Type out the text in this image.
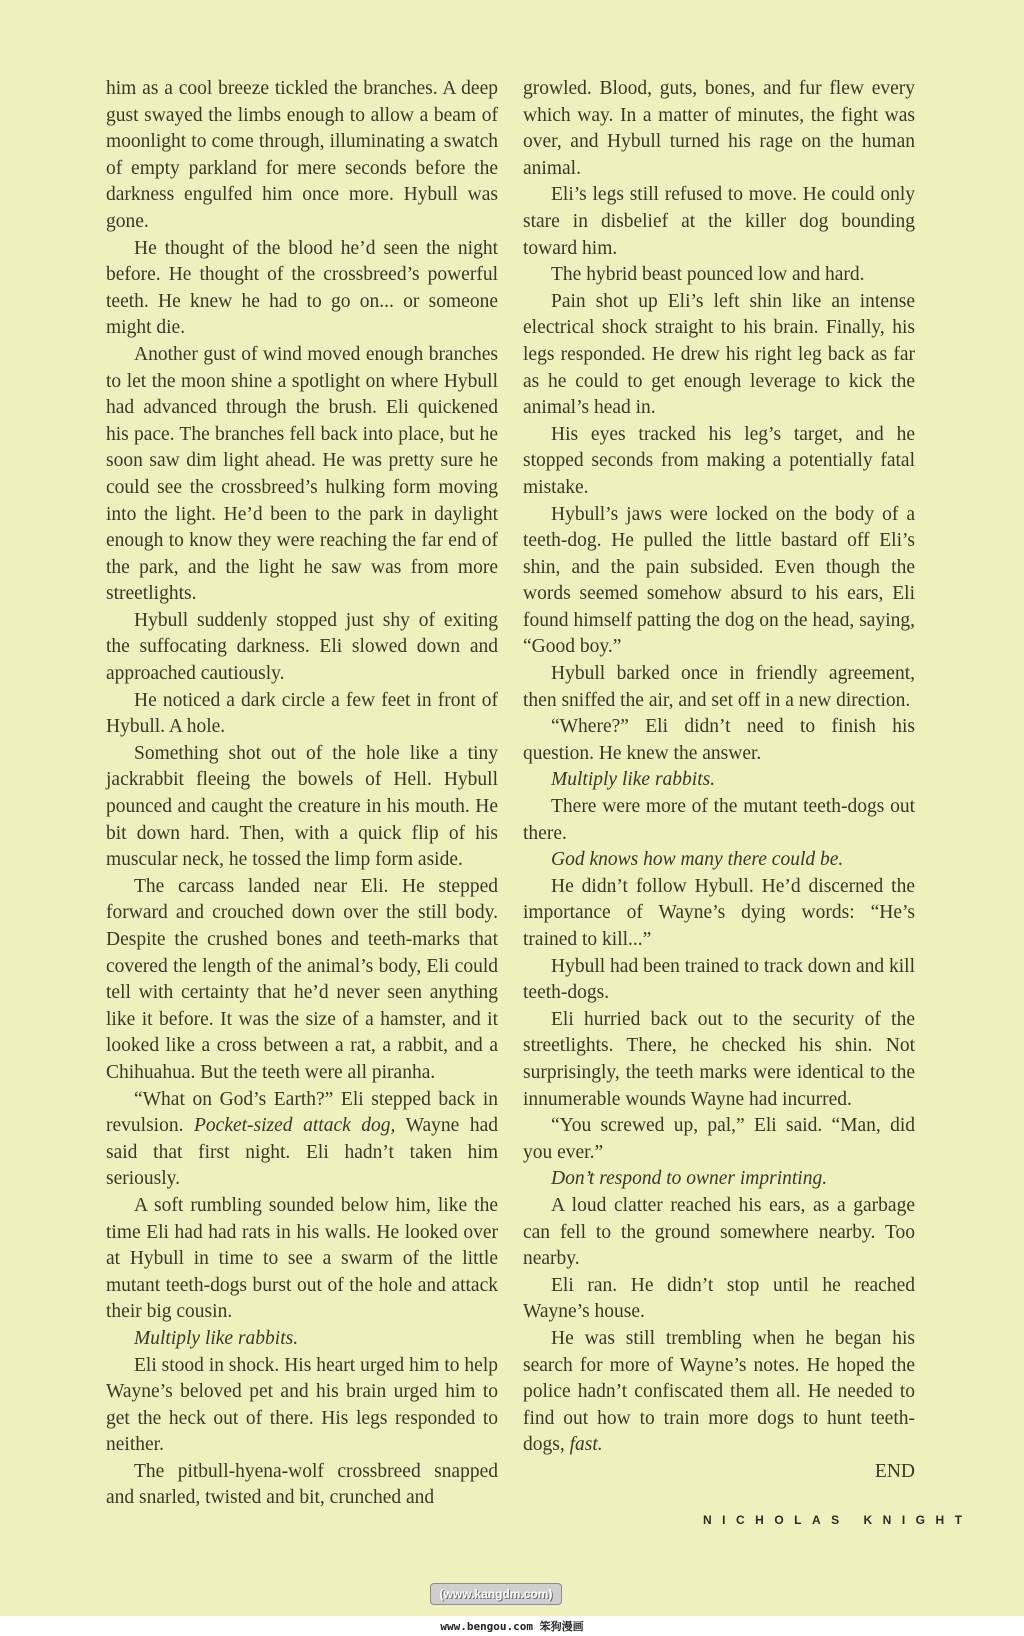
him as a cool breeze tickled the branches. A deep gust swayed the limbs enough to allow a beam of moonlight to come through, illuminating a swatch of empty parkland for mere seconds before the darkness engulfed him once more. Hybull was gone.

He thought of the blood he’d seen the night before. He thought of the crossbreed’s powerful teeth. He knew he had to go on... or someone might die.

Another gust of wind moved enough branches to let the moon shine a spotlight on where Hybull had advanced through the brush. Eli quickened his pace. The branches fell back into place, but he soon saw dim light ahead. He was pretty sure he could see the crossbreed’s hulking form moving into the light. He’d been to the park in daylight enough to know they were reaching the far end of the park, and the light he saw was from more streetlights.

Hybull suddenly stopped just shy of exiting the suffocating darkness. Eli slowed down and approached cautiously.

He noticed a dark circle a few feet in front of Hybull. A hole.

Something shot out of the hole like a tiny jackrabbit fleeing the bowels of Hell. Hybull pounced and caught the creature in his mouth. He bit down hard. Then, with a quick flip of his muscular neck, he tossed the limp form aside.

The carcass landed near Eli. He stepped forward and crouched down over the still body. Despite the crushed bones and teeth-marks that covered the length of the animal’s body, Eli could tell with certainty that he’d never seen anything like it before. It was the size of a hamster, and it looked like a cross between a rat, a rabbit, and a Chihuahua. But the teeth were all piranha.

“What on God’s Earth?” Eli stepped back in revulsion. Pocket-sized attack dog, Wayne had said that first night. Eli hadn’t taken him seriously.

A soft rumbling sounded below him, like the time Eli had had rats in his walls. He looked over at Hybull in time to see a swarm of the little mutant teeth-dogs burst out of the hole and attack their big cousin.

Multiply like rabbits.

Eli stood in shock. His heart urged him to help Wayne’s beloved pet and his brain urged him to get the heck out of there. His legs responded to neither.

The pitbull-hyena-wolf crossbreed snapped and snarled, twisted and bit, crunched and

growled. Blood, guts, bones, and fur flew every which way. In a matter of minutes, the fight was over, and Hybull turned his rage on the human animal.

Eli’s legs still refused to move. He could only stare in disbelief at the killer dog bounding toward him.

The hybrid beast pounced low and hard.

Pain shot up Eli’s left shin like an intense electrical shock straight to his brain. Finally, his legs responded. He drew his right leg back as far as he could to get enough leverage to kick the animal’s head in.

His eyes tracked his leg’s target, and he stopped seconds from making a potentially fatal mistake.

Hybull’s jaws were locked on the body of a teeth-dog. He pulled the little bastard off Eli’s shin, and the pain subsided. Even though the words seemed somehow absurd to his ears, Eli found himself patting the dog on the head, saying, “Good boy.”

Hybull barked once in friendly agreement, then sniffed the air, and set off in a new direction.

“Where?” Eli didn’t need to finish his question. He knew the answer.

Multiply like rabbits.

There were more of the mutant teeth-dogs out there.

God knows how many there could be.

He didn’t follow Hybull. He’d discerned the importance of Wayne’s dying words: “He’s trained to kill...”

Hybull had been trained to track down and kill teeth-dogs.

Eli hurried back out to the security of the streetlights. There, he checked his shin. Not surprisingly, the teeth marks were identical to the innumerable wounds Wayne had incurred.

“You screwed up, pal,” Eli said. “Man, did you ever.”

Don’t respond to owner imprinting.

A loud clatter reached his ears, as a garbage can fell to the ground somewhere nearby. Too nearby.

Eli ran. He didn’t stop until he reached Wayne’s house.

He was still trembling when he began his search for more of Wayne’s notes. He hoped the police hadn’t confiscated them all. He needed to find out how to train more dogs to hunt teeth-dogs, fast.

END

NICHOLAS KNIGHT
(www.kangdm.com)
www.bengou.com 笨狗漫画
